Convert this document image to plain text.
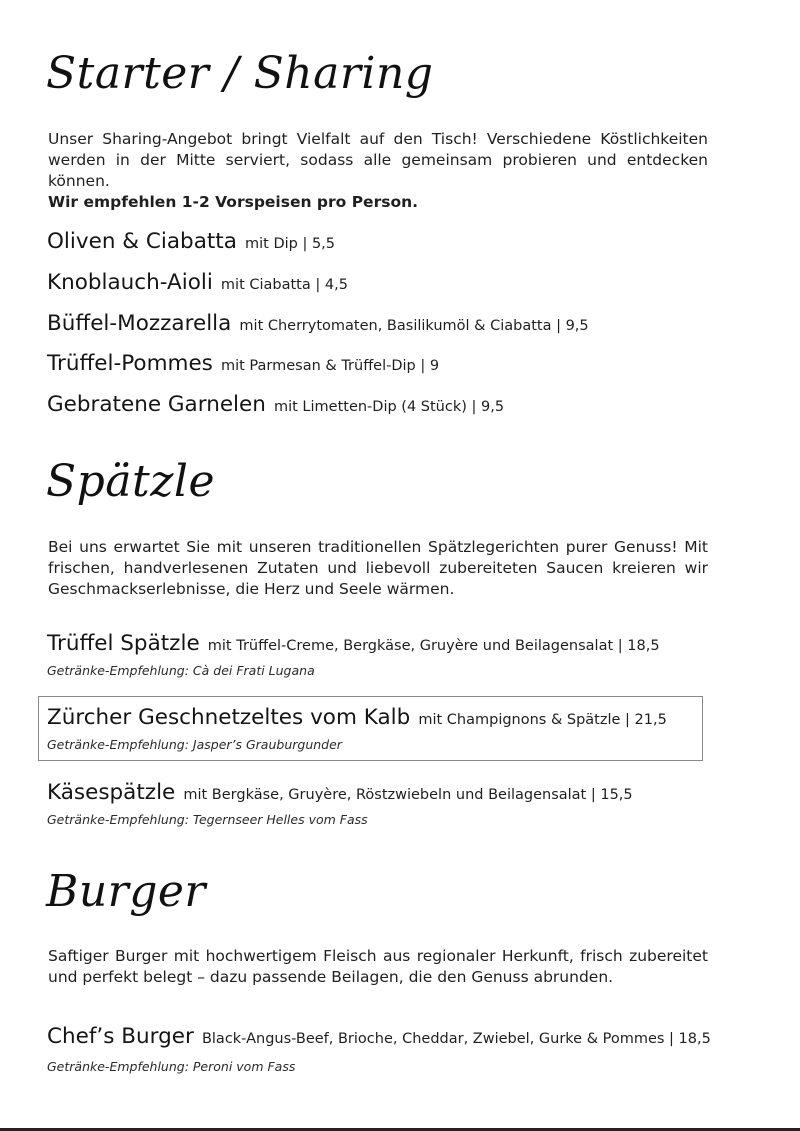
Starter / Sharing
Unser Sharing-Angebot bringt Vielfalt auf den Tisch! Verschiedene Köstlichkeiten werden in der Mitte serviert, sodass alle gemeinsam probieren und entdecken können.
Wir empfehlen 1-2 Vorspeisen pro Person.
Oliven & Ciabatta mit Dip | 5,5
Knoblauch-Aioli mit Ciabatta | 4,5
Büffel-Mozzarella mit Cherrytomaten, Basilikumöl & Ciabatta | 9,5
Trüffel-Pommes mit Parmesan & Trüffel-Dip | 9
Gebratene Garnelen mit Limetten-Dip (4 Stück) | 9,5
Spätzle
Bei uns erwartet Sie mit unseren traditionellen Spätzlegerichten purer Genuss! Mit frischen, handverlesenen Zutaten und liebevoll zubereiteten Saucen kreieren wir Geschmackserlebnisse, die Herz und Seele wärmen.
Trüffel Spätzle mit Trüffel-Creme, Bergkäse, Gruyère und Beilagensalat | 18,5
Getränke-Empfehlung: Cà dei Frati Lugana
Zürcher Geschnetzeltes vom Kalb mit Champignons & Spätzle | 21,5
Getränke-Empfehlung: Jasper’s Grauburgunder
Käsespätzle mit Bergkäse, Gruyère, Röstzwiebeln und Beilagensalat | 15,5
Getränke-Empfehlung: Tegernseer Helles vom Fass
Burger
Saftiger Burger mit hochwertigem Fleisch aus regionaler Herkunft, frisch zubereitet und perfekt belegt – dazu passende Beilagen, die den Genuss abrunden.
Chef’s Burger Black-Angus-Beef, Brioche, Cheddar, Zwiebel, Gurke & Pommes | 18,5
Getränke-Empfehlung: Peroni vom Fass
